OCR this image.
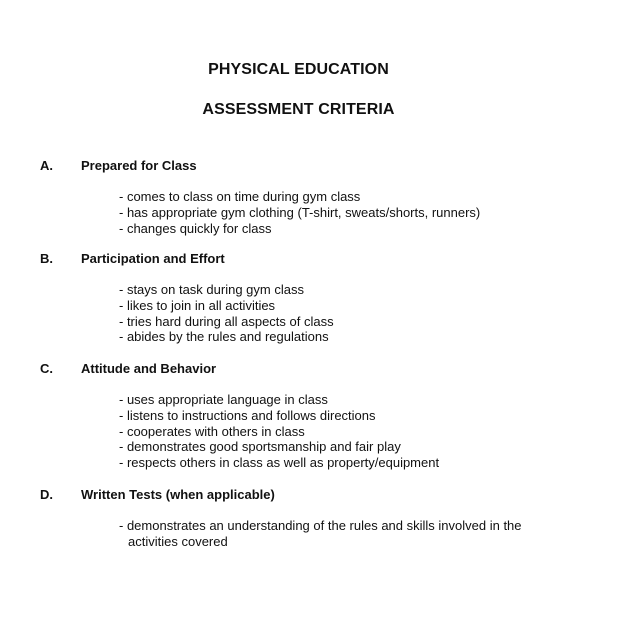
PHYSICAL EDUCATION
ASSESSMENT CRITERIA

A. Prepared for Class

- comes to class on time during gym class
- has appropriate gym clothing (T-shirt, sweats/shorts, runners)
- changes quickly for class

B. Participation and Effort

- stays on task during gym class
- likes to join in all activities
- tries hard during all aspects of class
- abides by the rules and regulations

C. Attitude and Behavior

- uses appropriate language in class
- listens to instructions and follows directions
- cooperates with others in class
- demonstrates good sportsmanship and fair play
- respects others in class as well as property/equipment

D. Written Tests (when applicable)

- demonstrates an understanding of the rules and skills involved in the activities covered
